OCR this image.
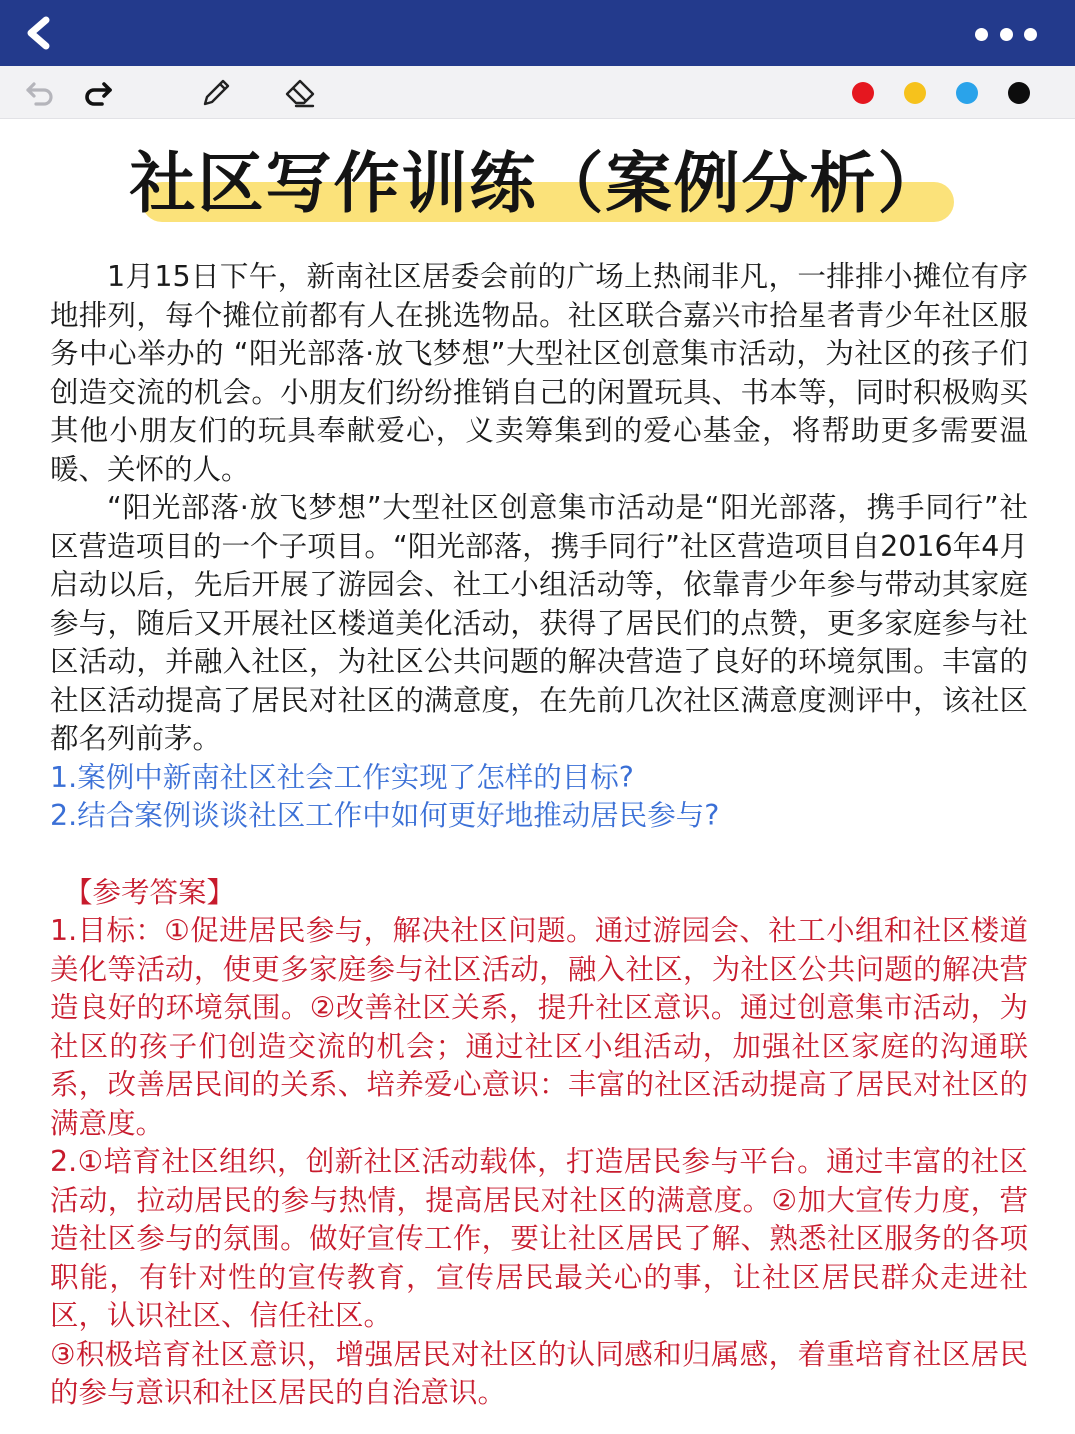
社区写作训练（案例分析）

1月15日下午，新南社区居委会前的广场上热闹非凡，一排排小摊位有序地排列，每个摊位前都有人在挑选物品。社区联合嘉兴市拾星者青少年社区服务中心举办的 “阳光部落·放飞梦想”大型社区创意集市活动，为社区的孩子们创造交流的机会。小朋友们纷纷推销自己的闲置玩具、书本等，同时积极购买其他小朋友们的玩具奉献爱心，义卖筹集到的爱心基金，将帮助更多需要温暖、关怀的人。

“阳光部落·放飞梦想”大型社区创意集市活动是“阳光部落，携手同行”社区营造项目的一个子项目。“阳光部落，携手同行”社区营造项目自2016年4月启动以后，先后开展了游园会、社工小组活动等，依靠青少年参与带动其家庭参与，随后又开展社区楼道美化活动，获得了居民们的点赞，更多家庭参与社区活动，并融入社区，为社区公共问题的解决营造了良好的环境氛围。丰富的社区活动提高了居民对社区的满意度，在先前几次社区满意度测评中，该社区都名列前茅。

1.案例中新南社区社会工作实现了怎样的目标?

2.结合案例谈谈社区工作中如何更好地推动居民参与?

【参考答案】

1.目标：①促进居民参与，解决社区问题。通过游园会、社工小组和社区楼道美化等活动，使更多家庭参与社区活动，融入社区，为社区公共问题的解决营造良好的环境氛围。②改善社区关系，提升社区意识。通过创意集市活动，为社区的孩子们创造交流的机会；通过社区小组活动，加强社区家庭的沟通联系，改善居民间的关系、培养爱心意识：丰富的社区活动提高了居民对社区的满意度。

2.①培育社区组织，创新社区活动载体，打造居民参与平台。通过丰富的社区活动，拉动居民的参与热情，提高居民对社区的满意度。②加大宣传力度，营造社区参与的氛围。做好宣传工作，要让社区居民了解、熟悉社区服务的各项职能，有针对性的宣传教育，宣传居民最关心的事，让社区居民群众走进社区，认识社区、信任社区。

③积极培育社区意识，增强居民对社区的认同感和归属感，着重培育社区居民的参与意识和社区居民的自治意识。
